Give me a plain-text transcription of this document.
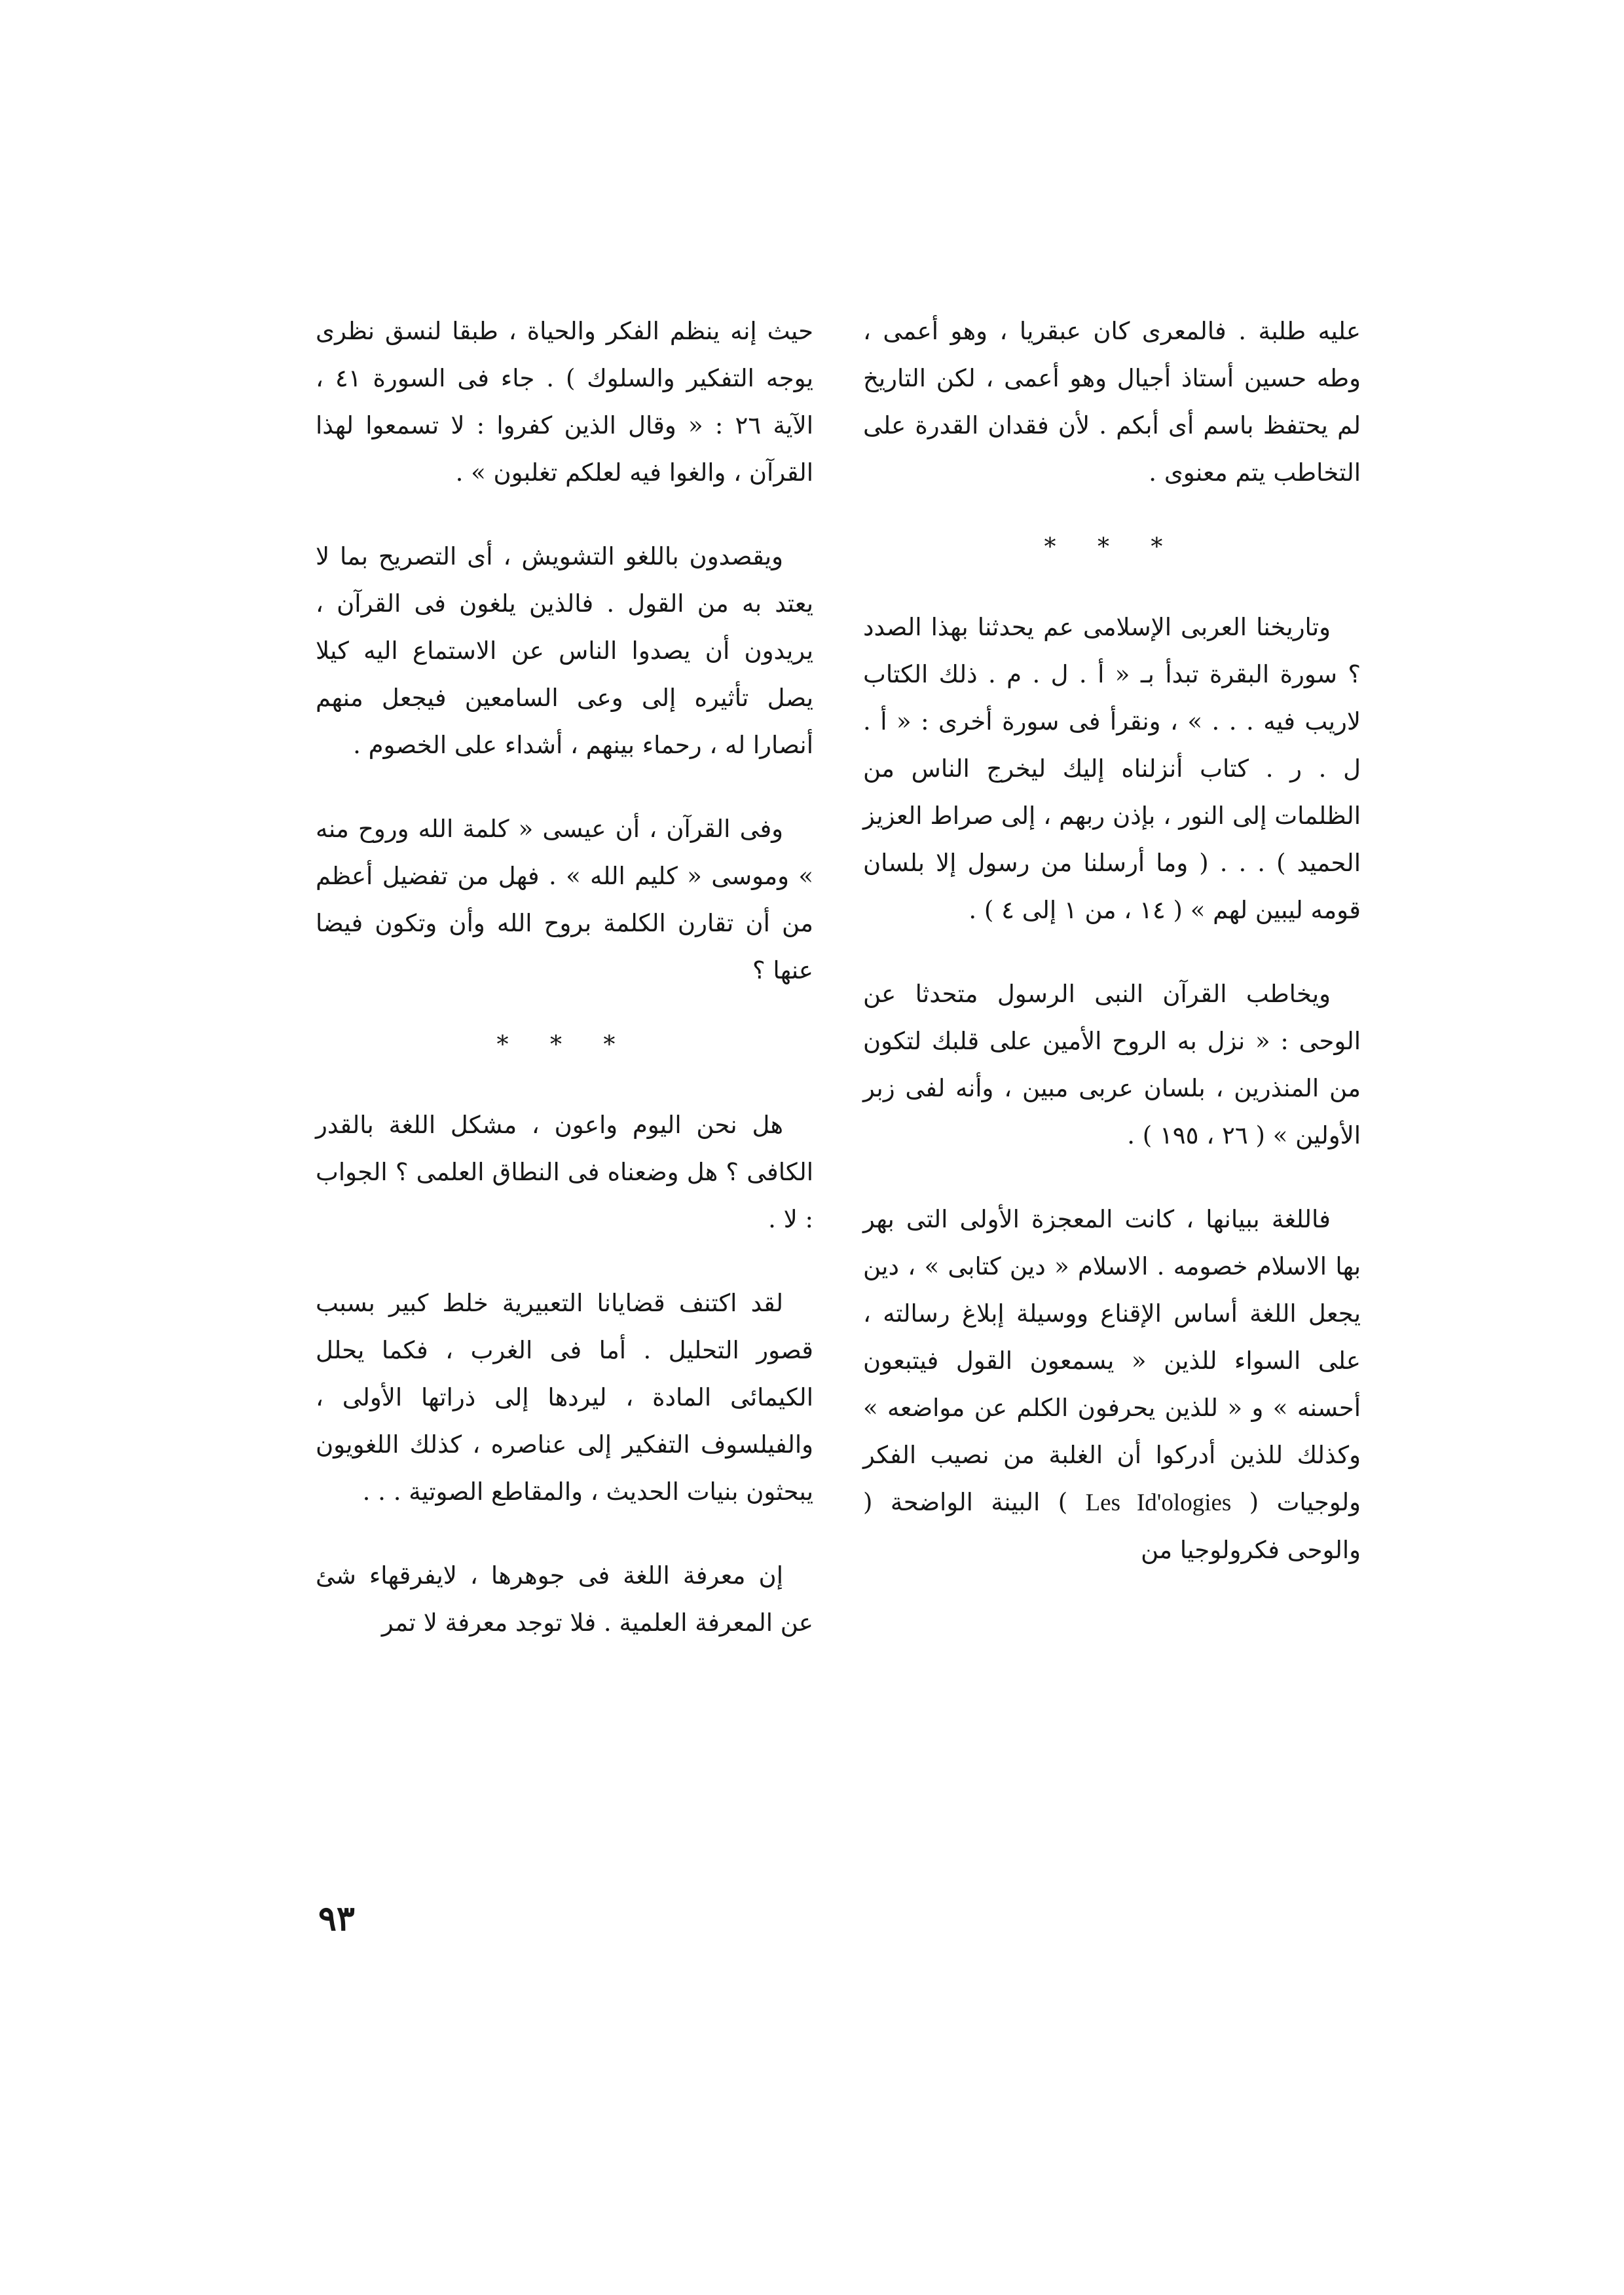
عليه طلبة . فالمعرى كان عبقريا ، وهو أعمى ، وطه حسين أستاذ أجيال وهو أعمى ، لكن التاريخ لم يحتفظ باسم أى أبكم . لأن فقدان القدرة على التخاطب يتم معنوى .

* * *

وتاريخنا العربى الإسلامى عم يحدثنا بهذا الصدد ؟ سورة البقرة تبدأ بـ « أ . ل . م . ذلك الكتاب لاريب فيه . . . » ، ونقرأ فى سورة أخرى : « أ . ل . ر . كتاب أنزلناه إليك ليخرج الناس من الظلمات إلى النور ، بإذن ربهم ، إلى صراط العزيز الحميد ) . . . ( وما أرسلنا من رسول إلا بلسان قومه ليبين لهم » ( ١٤ ، من ١ إلى ٤ ) .

ويخاطب القرآن النبى الرسول متحدثا عن الوحى : « نزل به الروح الأمين على قلبك لتكون من المنذرين ، بلسان عربى مبين ، وأنه لفى زبر الأولين » ( ٢٦ ، ١٩٥ ) .

فاللغة ببيانها ، كانت المعجزة الأولى التى بهر بها الاسلام خصومه . الاسلام « دين كتابى » ، دين يجعل اللغة أساس الإقناع ووسيلة إبلاغ رسالته ، على السواء للذين « يسمعون القول فيتبعون أحسنه » و « للذين يحرفون الكلم عن مواضعه » وكذلك للذين أدركوا أن الغلبة من نصيب الفكر ولوجيات ( Les Id'ologies ) البينة الواضحة ( والوحى فكرولوجيا من

حيث إنه ينظم الفكر والحياة ، طبقا لنسق نظرى يوجه التفكير والسلوك ) . جاء فى السورة ٤١ ، الآية ٢٦ : « وقال الذين كفروا : لا تسمعوا لهذا القرآن ، والغوا فيه لعلكم تغلبون » .

ويقصدون باللغو التشويش ، أى التصريح بما لا يعتد به من القول . فالذين يلغون فى القرآن ، يريدون أن يصدوا الناس عن الاستماع اليه كيلا يصل تأثيره إلى وعى السامعين فيجعل منهم أنصارا له ، رحماء بينهم ، أشداء على الخصوم .

وفى القرآن ، أن عيسى « كلمة الله وروح منه » وموسى « كليم الله » . فهل من تفضيل أعظم من أن تقارن الكلمة بروح الله وأن وتكون فيضا عنها ؟

* * *

هل نحن اليوم واعون ، مشكل اللغة بالقدر الكافى ؟ هل وضعناه فى النطاق العلمى ؟ الجواب : لا .

لقد اكتنف قضايانا التعبيرية خلط كبير بسبب قصور التحليل . أما فى الغرب ، فكما يحلل الكيمائى المادة ، ليردها إلى ذراتها الأولى ، والفيلسوف التفكير إلى عناصره ، كذلك اللغويون يبحثون بنيات الحديث ، والمقاطع الصوتية . . .

إن معرفة اللغة فى جوهرها ، لايفرقهاء شئ عن المعرفة العلمية . فلا توجد معرفة لا تمر

٩٣
